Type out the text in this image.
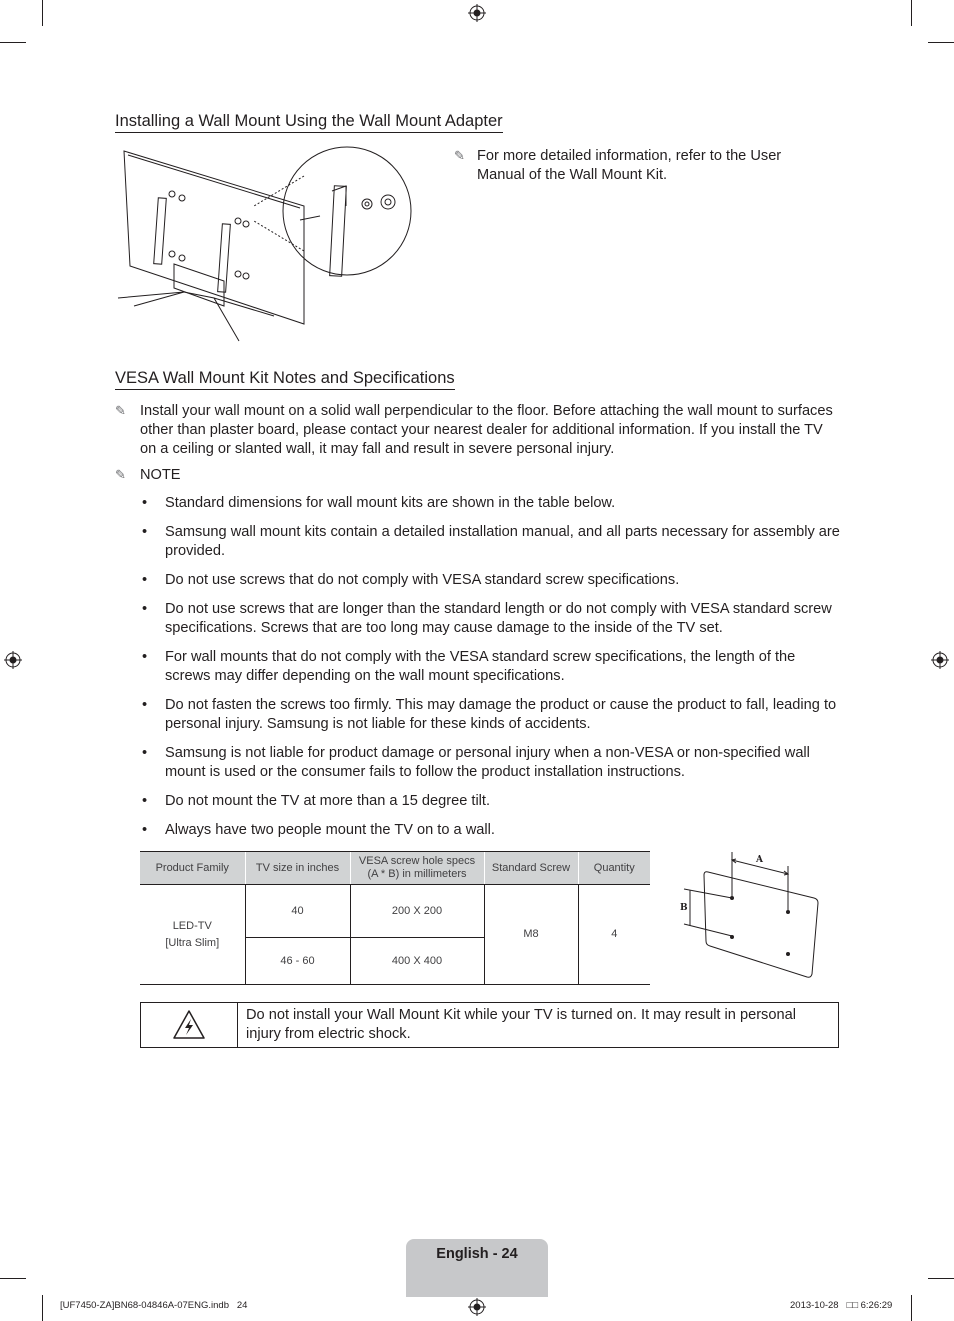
Installing a Wall Mount Using the Wall Mount Adapter
✎ For more detailed information, refer to the User Manual of the Wall Mount Kit.
VESA Wall Mount Kit Notes and Specifications
✎ Install your wall mount on a solid wall perpendicular to the floor. Before attaching the wall mount to surfaces other than plaster board, please contact your nearest dealer for additional information. If you install the TV on a ceiling or slanted wall, it may fall and result in severe personal injury.
✎ NOTE
• Standard dimensions for wall mount kits are shown in the table below.
• Samsung wall mount kits contain a detailed installation manual, and all parts necessary for assembly are provided.
• Do not use screws that do not comply with VESA standard screw specifications.
• Do not use screws that are longer than the standard length or do not comply with VESA standard screw specifications. Screws that are too long may cause damage to the inside of the TV set.
• For wall mounts that do not comply with the VESA standard screw specifications, the length of the screws may differ depending on the wall mount specifications.
• Do not fasten the screws too firmly. This may damage the product or cause the product to fall, leading to personal injury. Samsung is not liable for these kinds of accidents.
• Samsung is not liable for product damage or personal injury when a non-VESA or non-specified wall mount is used or the consumer fails to follow the product installation instructions.
• Do not mount the TV at more than a 15 degree tilt.
• Always have two people mount the TV on to a wall.
Product Family	TV size in inches	VESA screw hole specs (A * B) in millimeters	Standard Screw	Quantity

LED-TV
[Ultra Slim]	40	200 X 200	M8	4
	46 - 60	400 X 400		
A
B
Do not install your Wall Mount Kit while your TV is turned on. It may result in personal injury from electric shock.
English - 24
[UF7450-ZA]BN68-04846A-07ENG.indb   24	2013-10-28   □□ 6:26:29
